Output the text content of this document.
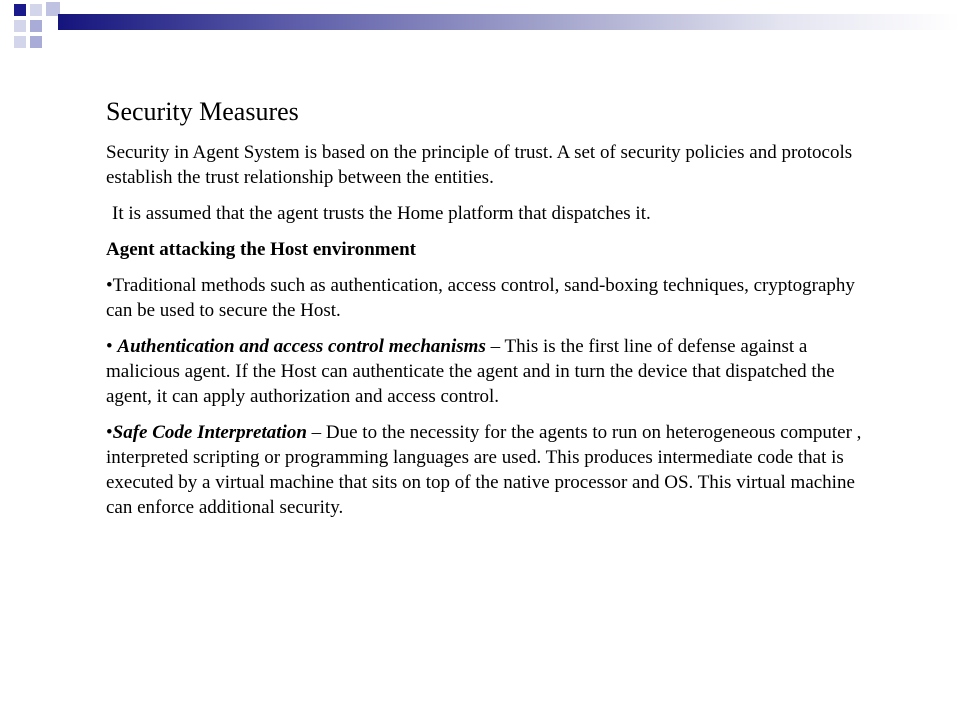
Security Measures

Security in Agent System is based on the principle of trust. A set of security policies and protocols establish the trust relationship between the entities.

It is assumed that the agent trusts the Home platform that dispatches it.

Agent attacking the Host environment

•Traditional methods such as authentication, access control, sand-boxing techniques, cryptography can be used to secure the Host.

• Authentication and access control mechanisms – This is the first line of defense against a malicious agent. If the Host can authenticate the agent and in turn the device that dispatched the agent, it can apply authorization and access control.

•Safe Code Interpretation – Due to the necessity for the agents to run on heterogeneous computer , interpreted scripting or programming languages are used. This produces intermediate code that is executed by a virtual machine that sits on top of the native processor and OS. This virtual machine can enforce additional security.
